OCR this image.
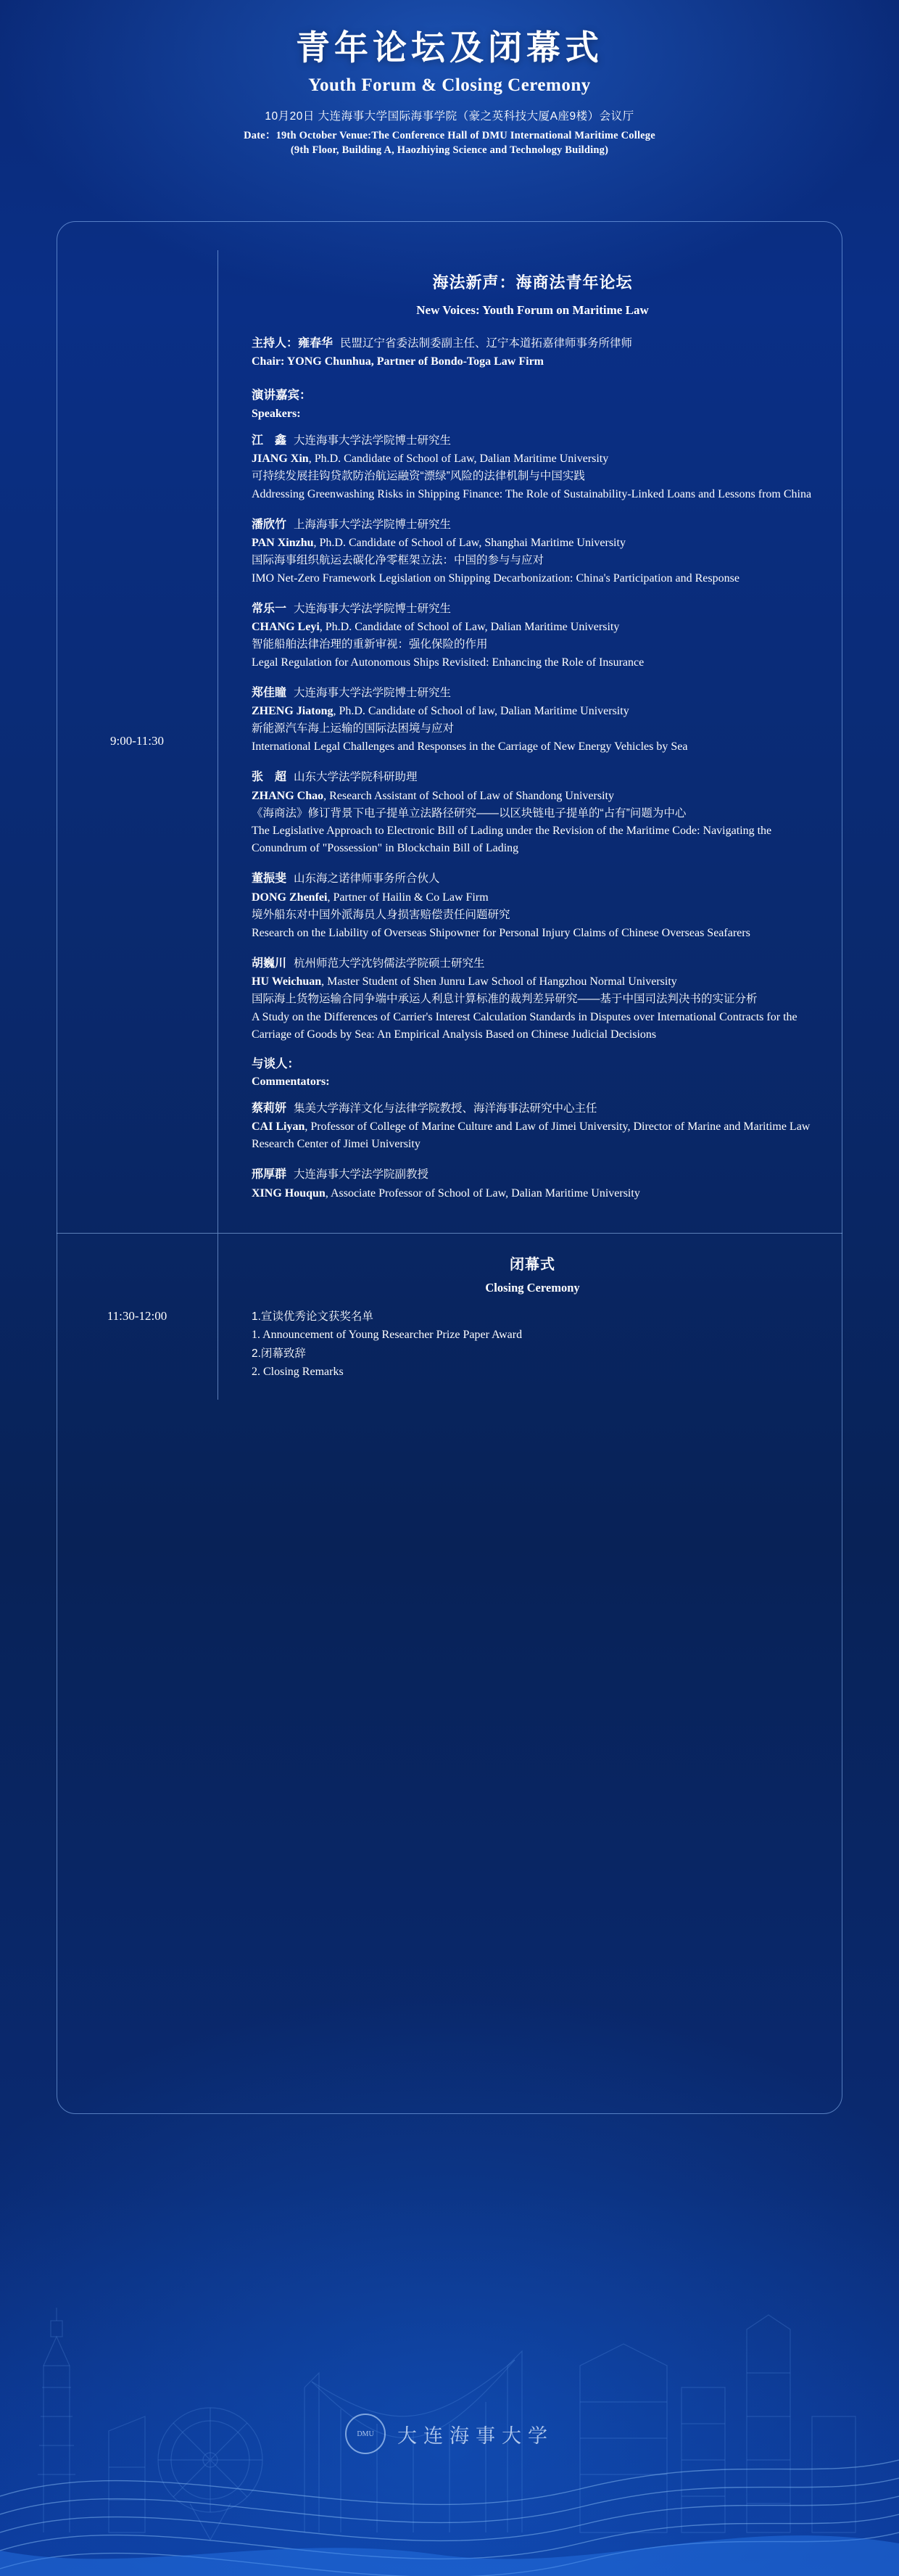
青年论坛及闭幕式
Youth Forum & Closing Ceremony
10月20日 大连海事大学国际海事学院（豪之英科技大厦A座9楼）会议厅
Date：19th October Venue:The Conference Hall of DMU International Maritime College
(9th Floor, Building A, Haozhiying Science and Technology Building)
9:00-11:30
海法新声：海商法青年论坛
New Voices: Youth Forum on Maritime Law
主持人：雍春华 民盟辽宁省委法制委副主任、辽宁本道拓嘉律师事务所律师
Chair: YONG Chunhua, Partner of Bondo-Toga Law Firm
演讲嘉宾：
Speakers:
江　鑫 大连海事大学法学院博士研究生
JIANG Xin, Ph.D. Candidate of School of Law, Dalian Maritime University
可持续发展挂钩贷款防治航运融资“漂绿”风险的法律机制与中国实践
Addressing Greenwashing Risks in Shipping Finance: The Role of Sustainability-Linked Loans and Lessons from China
潘欣竹 上海海事大学法学院博士研究生
PAN Xinzhu, Ph.D. Candidate of School of Law, Shanghai Maritime University
国际海事组织航运去碳化净零框架立法：中国的参与与应对
IMO Net-Zero Framework Legislation on Shipping Decarbonization: China's Participation and Response
常乐一 大连海事大学法学院博士研究生
CHANG Leyi, Ph.D. Candidate of School of Law, Dalian Maritime University
智能船舶法律治理的重新审视：强化保险的作用
Legal Regulation for Autonomous Ships Revisited: Enhancing the Role of Insurance
郑佳瞳 大连海事大学法学院博士研究生
ZHENG Jiatong, Ph.D. Candidate of School of law, Dalian Maritime University
新能源汽车海上运输的国际法困境与应对
International Legal Challenges and Responses in the Carriage of New Energy Vehicles by Sea
张　超 山东大学法学院科研助理
ZHANG Chao, Research Assistant of School of Law of Shandong University
《海商法》修订背景下电子提单立法路径研究——以区块链电子提单的“占有”问题为中心
The Legislative Approach to Electronic Bill of Lading under the Revision of the Maritime Code: Navigating the Conundrum of "Possession" in Blockchain Bill of Lading
董振斐 山东海之诺律师事务所合伙人
DONG Zhenfei, Partner of Hailin & Co Law Firm
境外船东对中国外派海员人身损害赔偿责任问题研究
Research on the Liability of Overseas Shipowner for Personal Injury Claims of Chinese Overseas Seafarers
胡巍川 杭州师范大学沈钧儒法学院硕士研究生
HU Weichuan, Master Student of Shen Junru Law School of Hangzhou Normal University
国际海上货物运输合同争端中承运人利息计算标准的裁判差异研究——基于中国司法判决书的实证分析
A Study on the Differences of Carrier's Interest Calculation Standards in Disputes over International Contracts for the Carriage of Goods by Sea: An Empirical Analysis Based on Chinese Judicial Decisions
与谈人：
Commentators:
蔡莉妍 集美大学海洋文化与法律学院教授、海洋海事法研究中心主任
CAI Liyan, Professor of College of Marine Culture and Law of Jimei University, Director of Marine and Maritime Law Research Center of Jimei University
邢厚群 大连海事大学法学院副教授
XING Houqun, Associate Professor of School of Law, Dalian Maritime University
11:30-12:00
闭幕式
Closing Ceremony
1.宣读优秀论文获奖名单
1. Announcement of Young Researcher Prize Paper Award
2.闭幕致辞
2. Closing Remarks
DMU	大连海事大学
